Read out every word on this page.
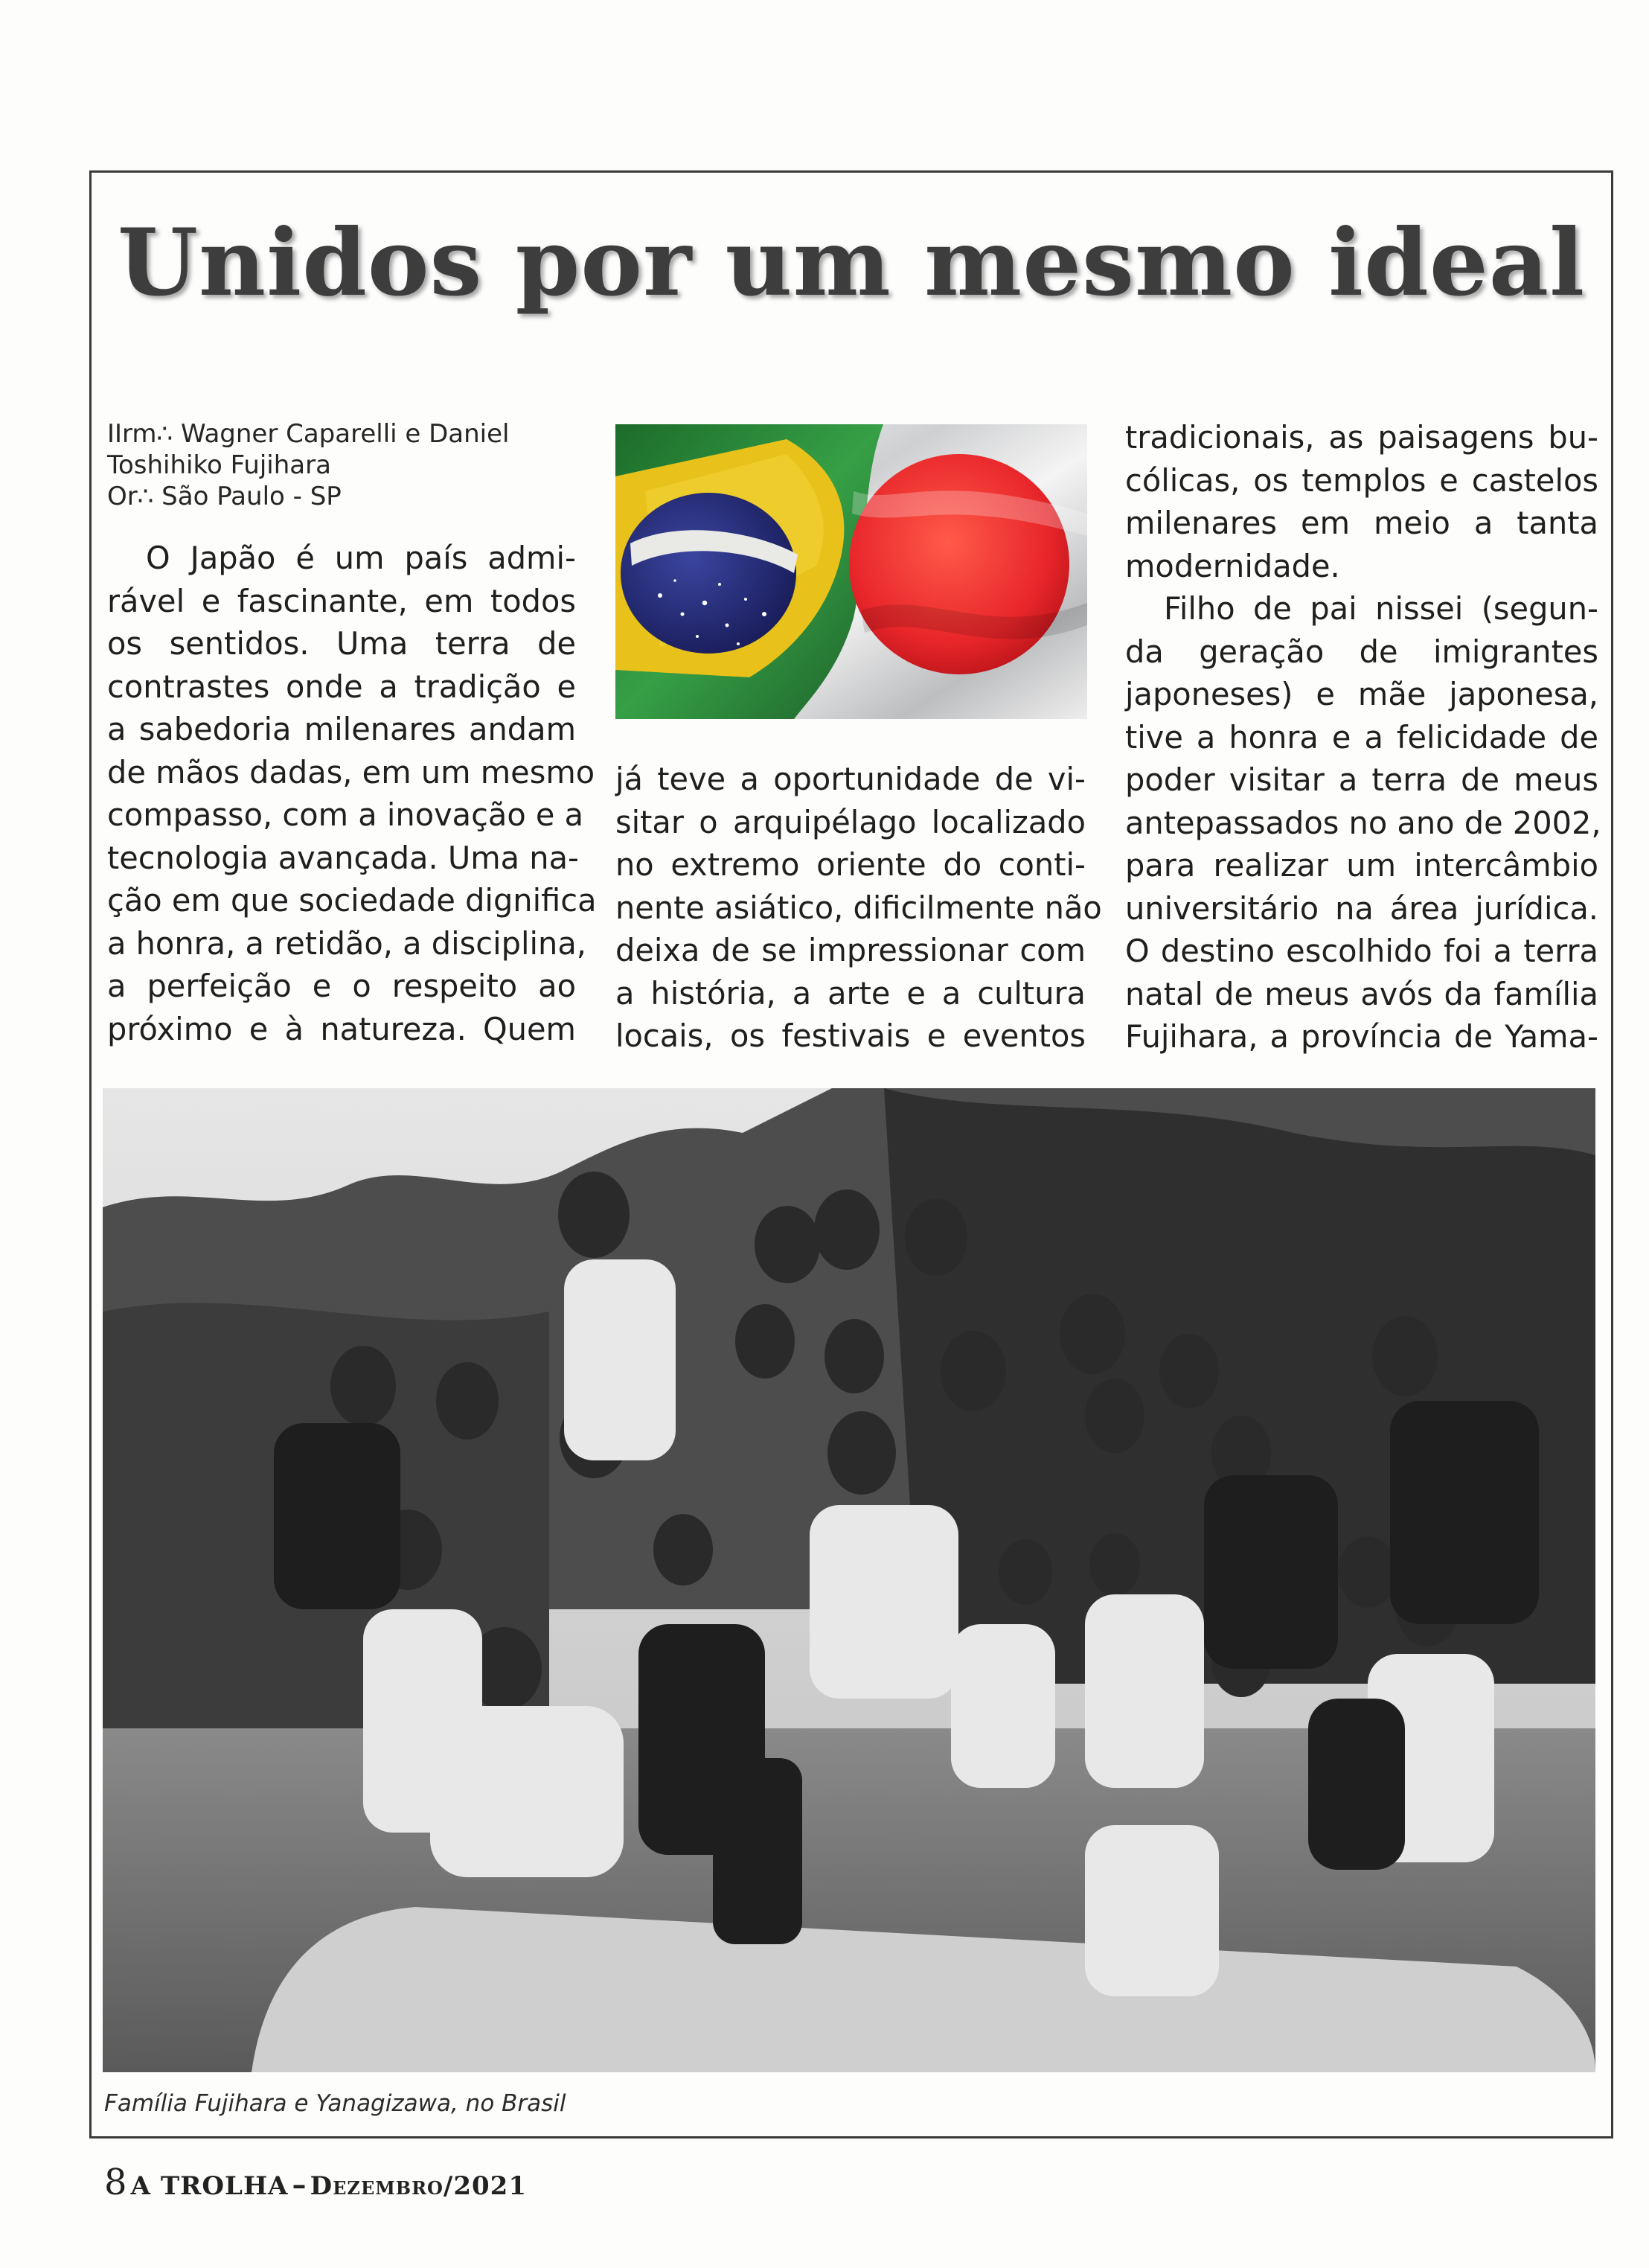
Unidos por um mesmo ideal
IIrm∴ Wagner Caparelli e Daniel
Toshihiko Fujihara
Or∴ São Paulo - SP
O Japão é um país admi-
rável e fascinante, em todos
os sentidos. Uma terra de
contrastes onde a tradição e
a sabedoria milenares andam
de mãos dadas, em um mesmo
compasso, com a inovação e a
tecnologia avançada. Uma na-
ção em que sociedade dignifica
a honra, a retidão, a disciplina,
a perfeição e o respeito ao
próximo e à natureza. Quem
já teve a oportunidade de vi-
sitar o arquipélago localizado
no extremo oriente do conti-
nente asiático, dificilmente não
deixa de se impressionar com
a história, a arte e a cultura
locais, os festivais e eventos
tradicionais, as paisagens bu-
cólicas, os templos e castelos
milenares em meio a tanta
modernidade.
Filho de pai nissei (segun-
da geração de imigrantes
japoneses) e mãe japonesa,
tive a honra e a felicidade de
poder visitar a terra de meus
antepassados no ano de 2002,
para realizar um intercâmbio
universitário na área jurídica.
O destino escolhido foi a terra
natal de meus avós da família
Fujihara, a província de Yama-
Família Fujihara e Yanagizawa, no Brasil
8 A TROLHA – Dezembro/2021
